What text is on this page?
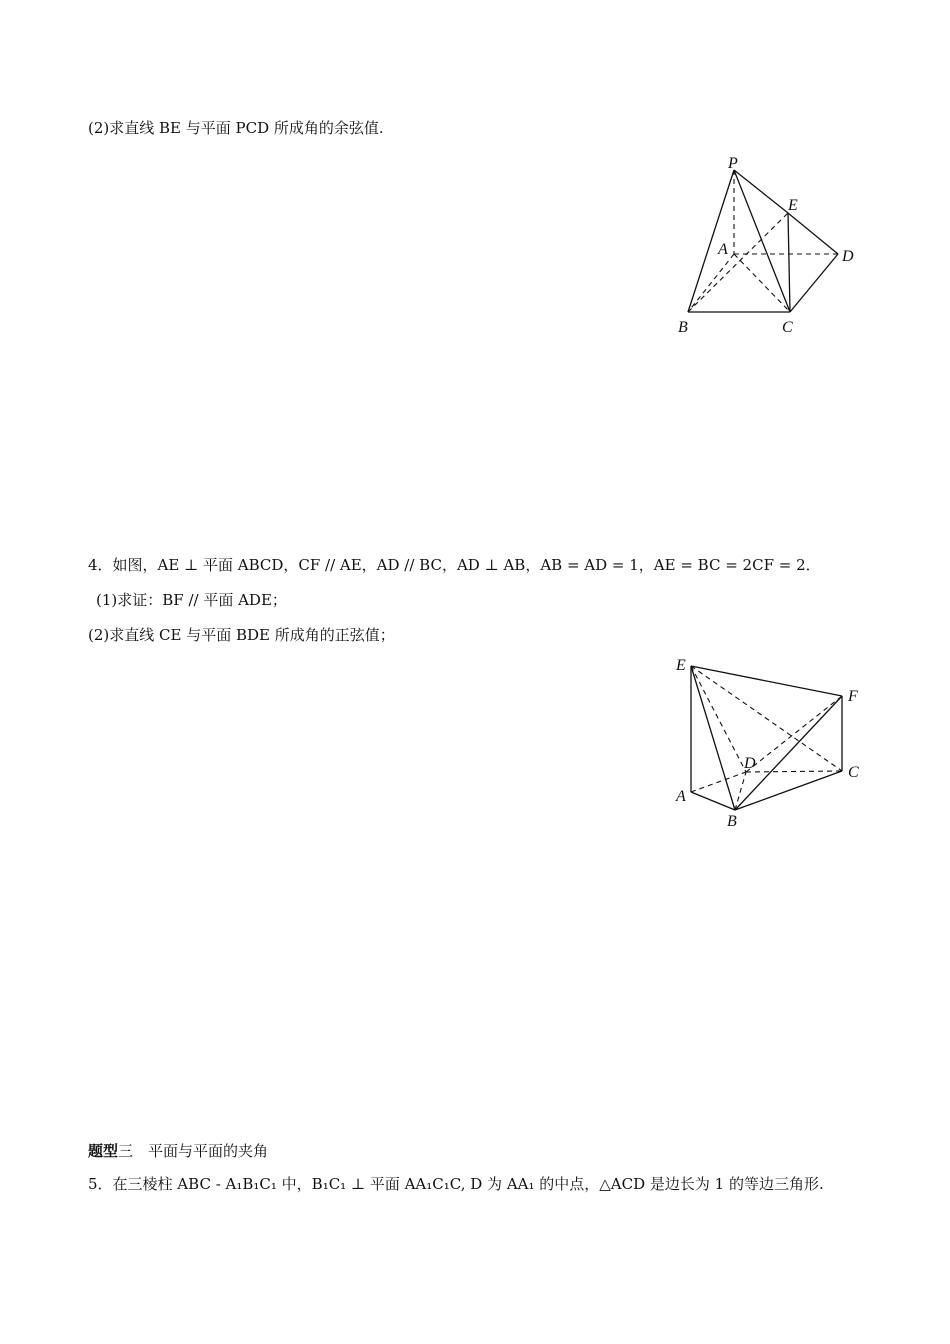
(2)求直线 BE 与平面 PCD 所成角的余弦值.
P
E
A	D
B	C
4．如图，AE ⊥ 平面 ABCD，CF // AE，AD // BC，AD ⊥ AB，AB = AD = 1，AE = BC = 2CF = 2．
(1)求证：BF // 平面 ADE；
(2)求直线 CE 与平面 BDE 所成角的正弦值；
E
F
D
C
A
B
题型三　平面与平面的夹角
5．在三棱柱 ABC - A₁B₁C₁ 中，B₁C₁ ⊥ 平面 AA₁C₁C, D 为 AA₁ 的中点，△ACD 是边长为 1 的等边三角形.
